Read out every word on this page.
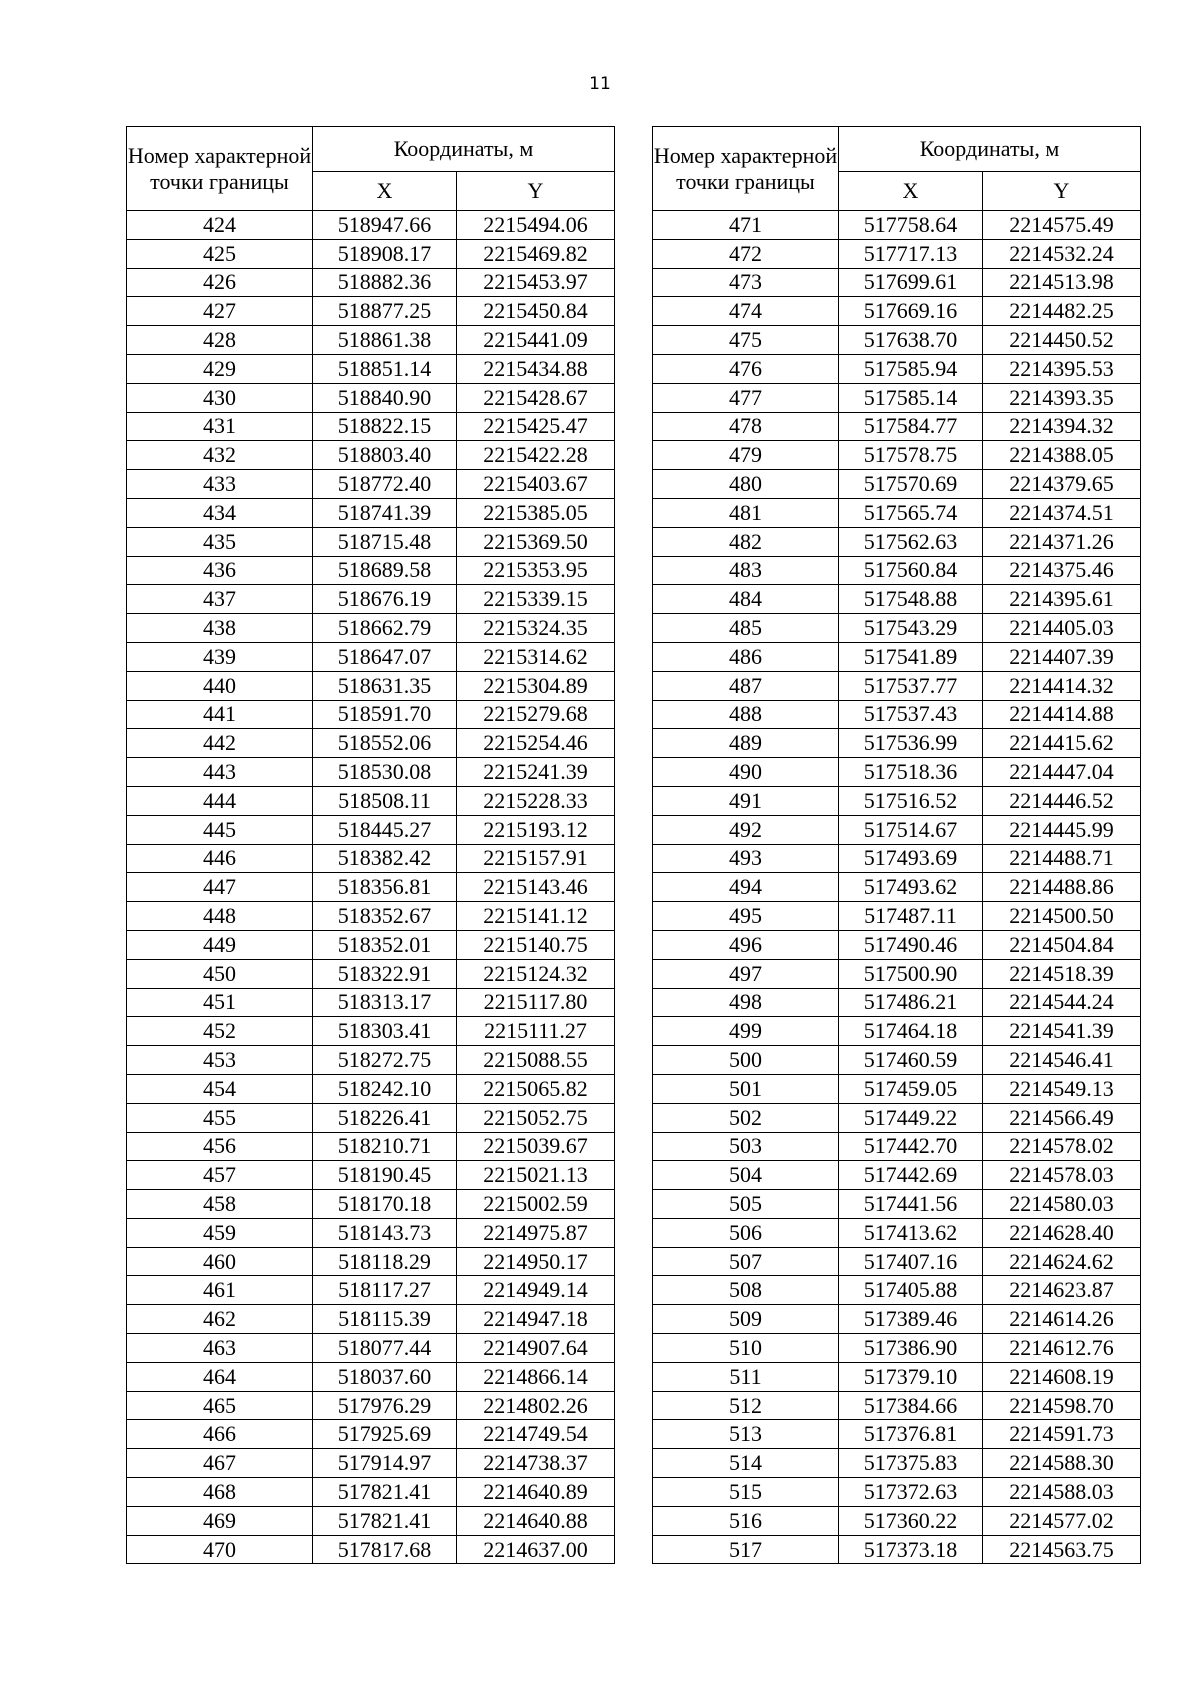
11
Номер характерной точки границы	Координаты, м	
	X	Y
424	518947.66	2215494.06
425	518908.17	2215469.82
426	518882.36	2215453.97
427	518877.25	2215450.84
428	518861.38	2215441.09
429	518851.14	2215434.88
430	518840.90	2215428.67
431	518822.15	2215425.47
432	518803.40	2215422.28
433	518772.40	2215403.67
434	518741.39	2215385.05
435	518715.48	2215369.50
436	518689.58	2215353.95
437	518676.19	2215339.15
438	518662.79	2215324.35
439	518647.07	2215314.62
440	518631.35	2215304.89
441	518591.70	2215279.68
442	518552.06	2215254.46
443	518530.08	2215241.39
444	518508.11	2215228.33
445	518445.27	2215193.12
446	518382.42	2215157.91
447	518356.81	2215143.46
448	518352.67	2215141.12
449	518352.01	2215140.75
450	518322.91	2215124.32
451	518313.17	2215117.80
452	518303.41	2215111.27
453	518272.75	2215088.55
454	518242.10	2215065.82
455	518226.41	2215052.75
456	518210.71	2215039.67
457	518190.45	2215021.13
458	518170.18	2215002.59
459	518143.73	2214975.87
460	518118.29	2214950.17
461	518117.27	2214949.14
462	518115.39	2214947.18
463	518077.44	2214907.64
464	518037.60	2214866.14
465	517976.29	2214802.26
466	517925.69	2214749.54
467	517914.97	2214738.37
468	517821.41	2214640.89
469	517821.41	2214640.88
470	517817.68	2214637.00
Номер характерной точки границы	Координаты, м	
	X	Y
471	517758.64	2214575.49
472	517717.13	2214532.24
473	517699.61	2214513.98
474	517669.16	2214482.25
475	517638.70	2214450.52
476	517585.94	2214395.53
477	517585.14	2214393.35
478	517584.77	2214394.32
479	517578.75	2214388.05
480	517570.69	2214379.65
481	517565.74	2214374.51
482	517562.63	2214371.26
483	517560.84	2214375.46
484	517548.88	2214395.61
485	517543.29	2214405.03
486	517541.89	2214407.39
487	517537.77	2214414.32
488	517537.43	2214414.88
489	517536.99	2214415.62
490	517518.36	2214447.04
491	517516.52	2214446.52
492	517514.67	2214445.99
493	517493.69	2214488.71
494	517493.62	2214488.86
495	517487.11	2214500.50
496	517490.46	2214504.84
497	517500.90	2214518.39
498	517486.21	2214544.24
499	517464.18	2214541.39
500	517460.59	2214546.41
501	517459.05	2214549.13
502	517449.22	2214566.49
503	517442.70	2214578.02
504	517442.69	2214578.03
505	517441.56	2214580.03
506	517413.62	2214628.40
507	517407.16	2214624.62
508	517405.88	2214623.87
509	517389.46	2214614.26
510	517386.90	2214612.76
511	517379.10	2214608.19
512	517384.66	2214598.70
513	517376.81	2214591.73
514	517375.83	2214588.30
515	517372.63	2214588.03
516	517360.22	2214577.02
517	517373.18	2214563.75
